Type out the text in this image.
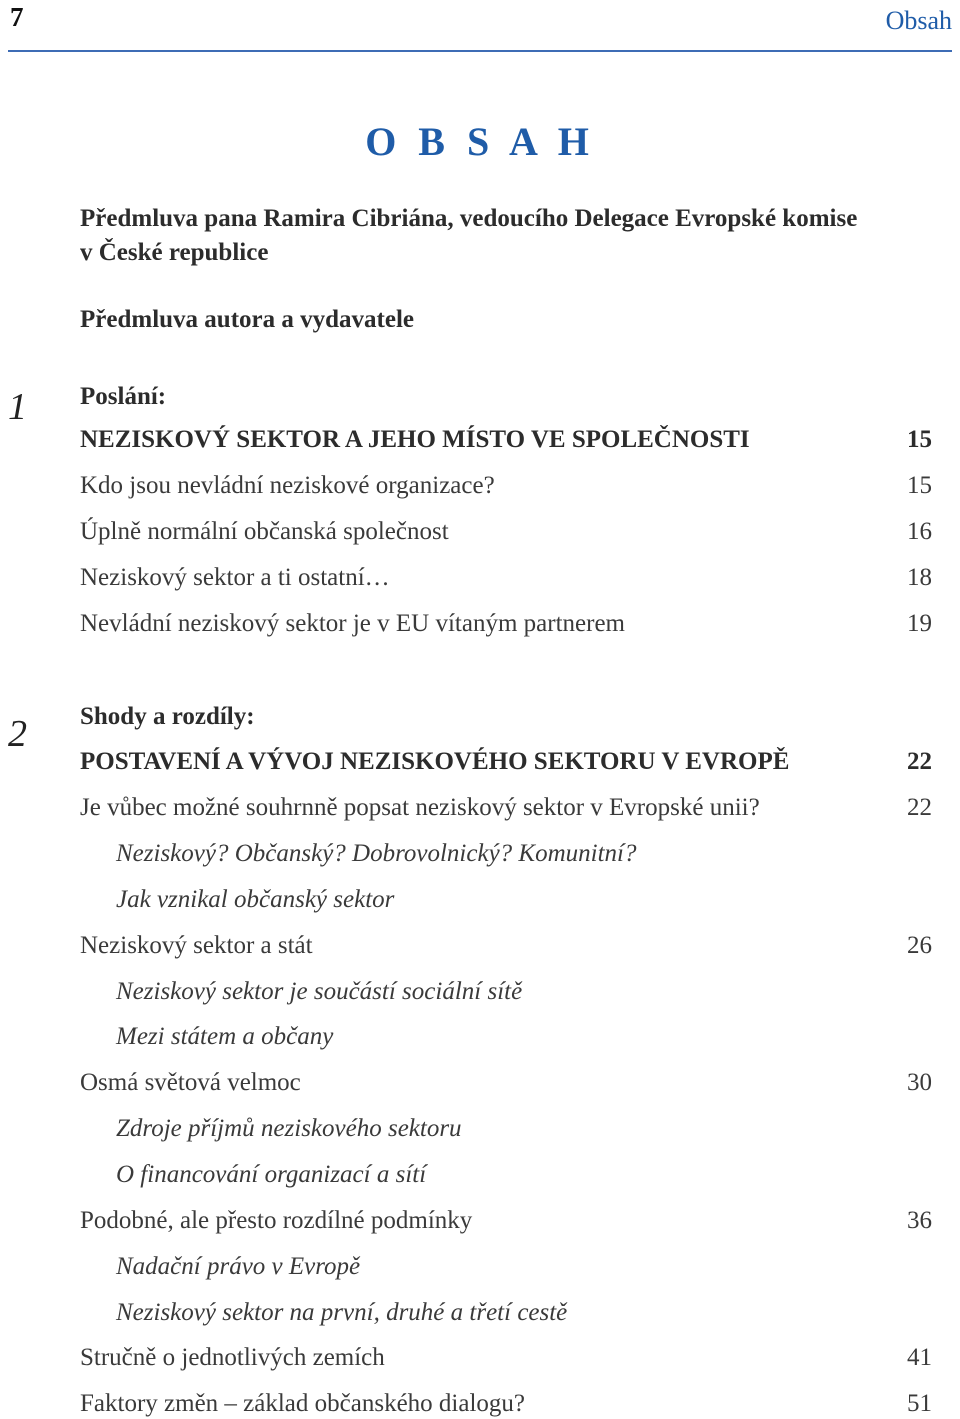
7	Obsah
O B S A H
1
2
Předmluva pana Ramira Cibriána, vedoucího Delegace Evropské komise
v České republice
Předmluva autora a vydavatele
Poslání:
NEZISKOVÝ SEKTOR A JEHO MÍSTO VE SPOLEČNOSTI	15
Kdo jsou nevládní neziskové organizace?	15
Úplně normální občanská společnost	16
Neziskový sektor a ti ostatní…	18
Nevládní neziskový sektor je v EU vítaným partnerem	19
Shody a rozdíly:
POSTAVENÍ A VÝVOJ NEZISKOVÉHO SEKTORU V EVROPĚ	22
Je vůbec možné souhrnně popsat neziskový sektor v Evropské unii?	22
Neziskový? Občanský? Dobrovolnický? Komunitní?
Jak vznikal občanský sektor
Neziskový sektor a stát	26
Neziskový sektor je součástí sociální sítě
Mezi státem a občany
Osmá světová velmoc	30
Zdroje příjmů neziskového sektoru
O financování organizací a sítí
Podobné, ale přesto rozdílné podmínky	36
Nadační právo v Evropě
Neziskový sektor na první, druhé a třetí cestě
Stručně o jednotlivých zemích	41
Faktory změn – základ občanského dialogu?	51
